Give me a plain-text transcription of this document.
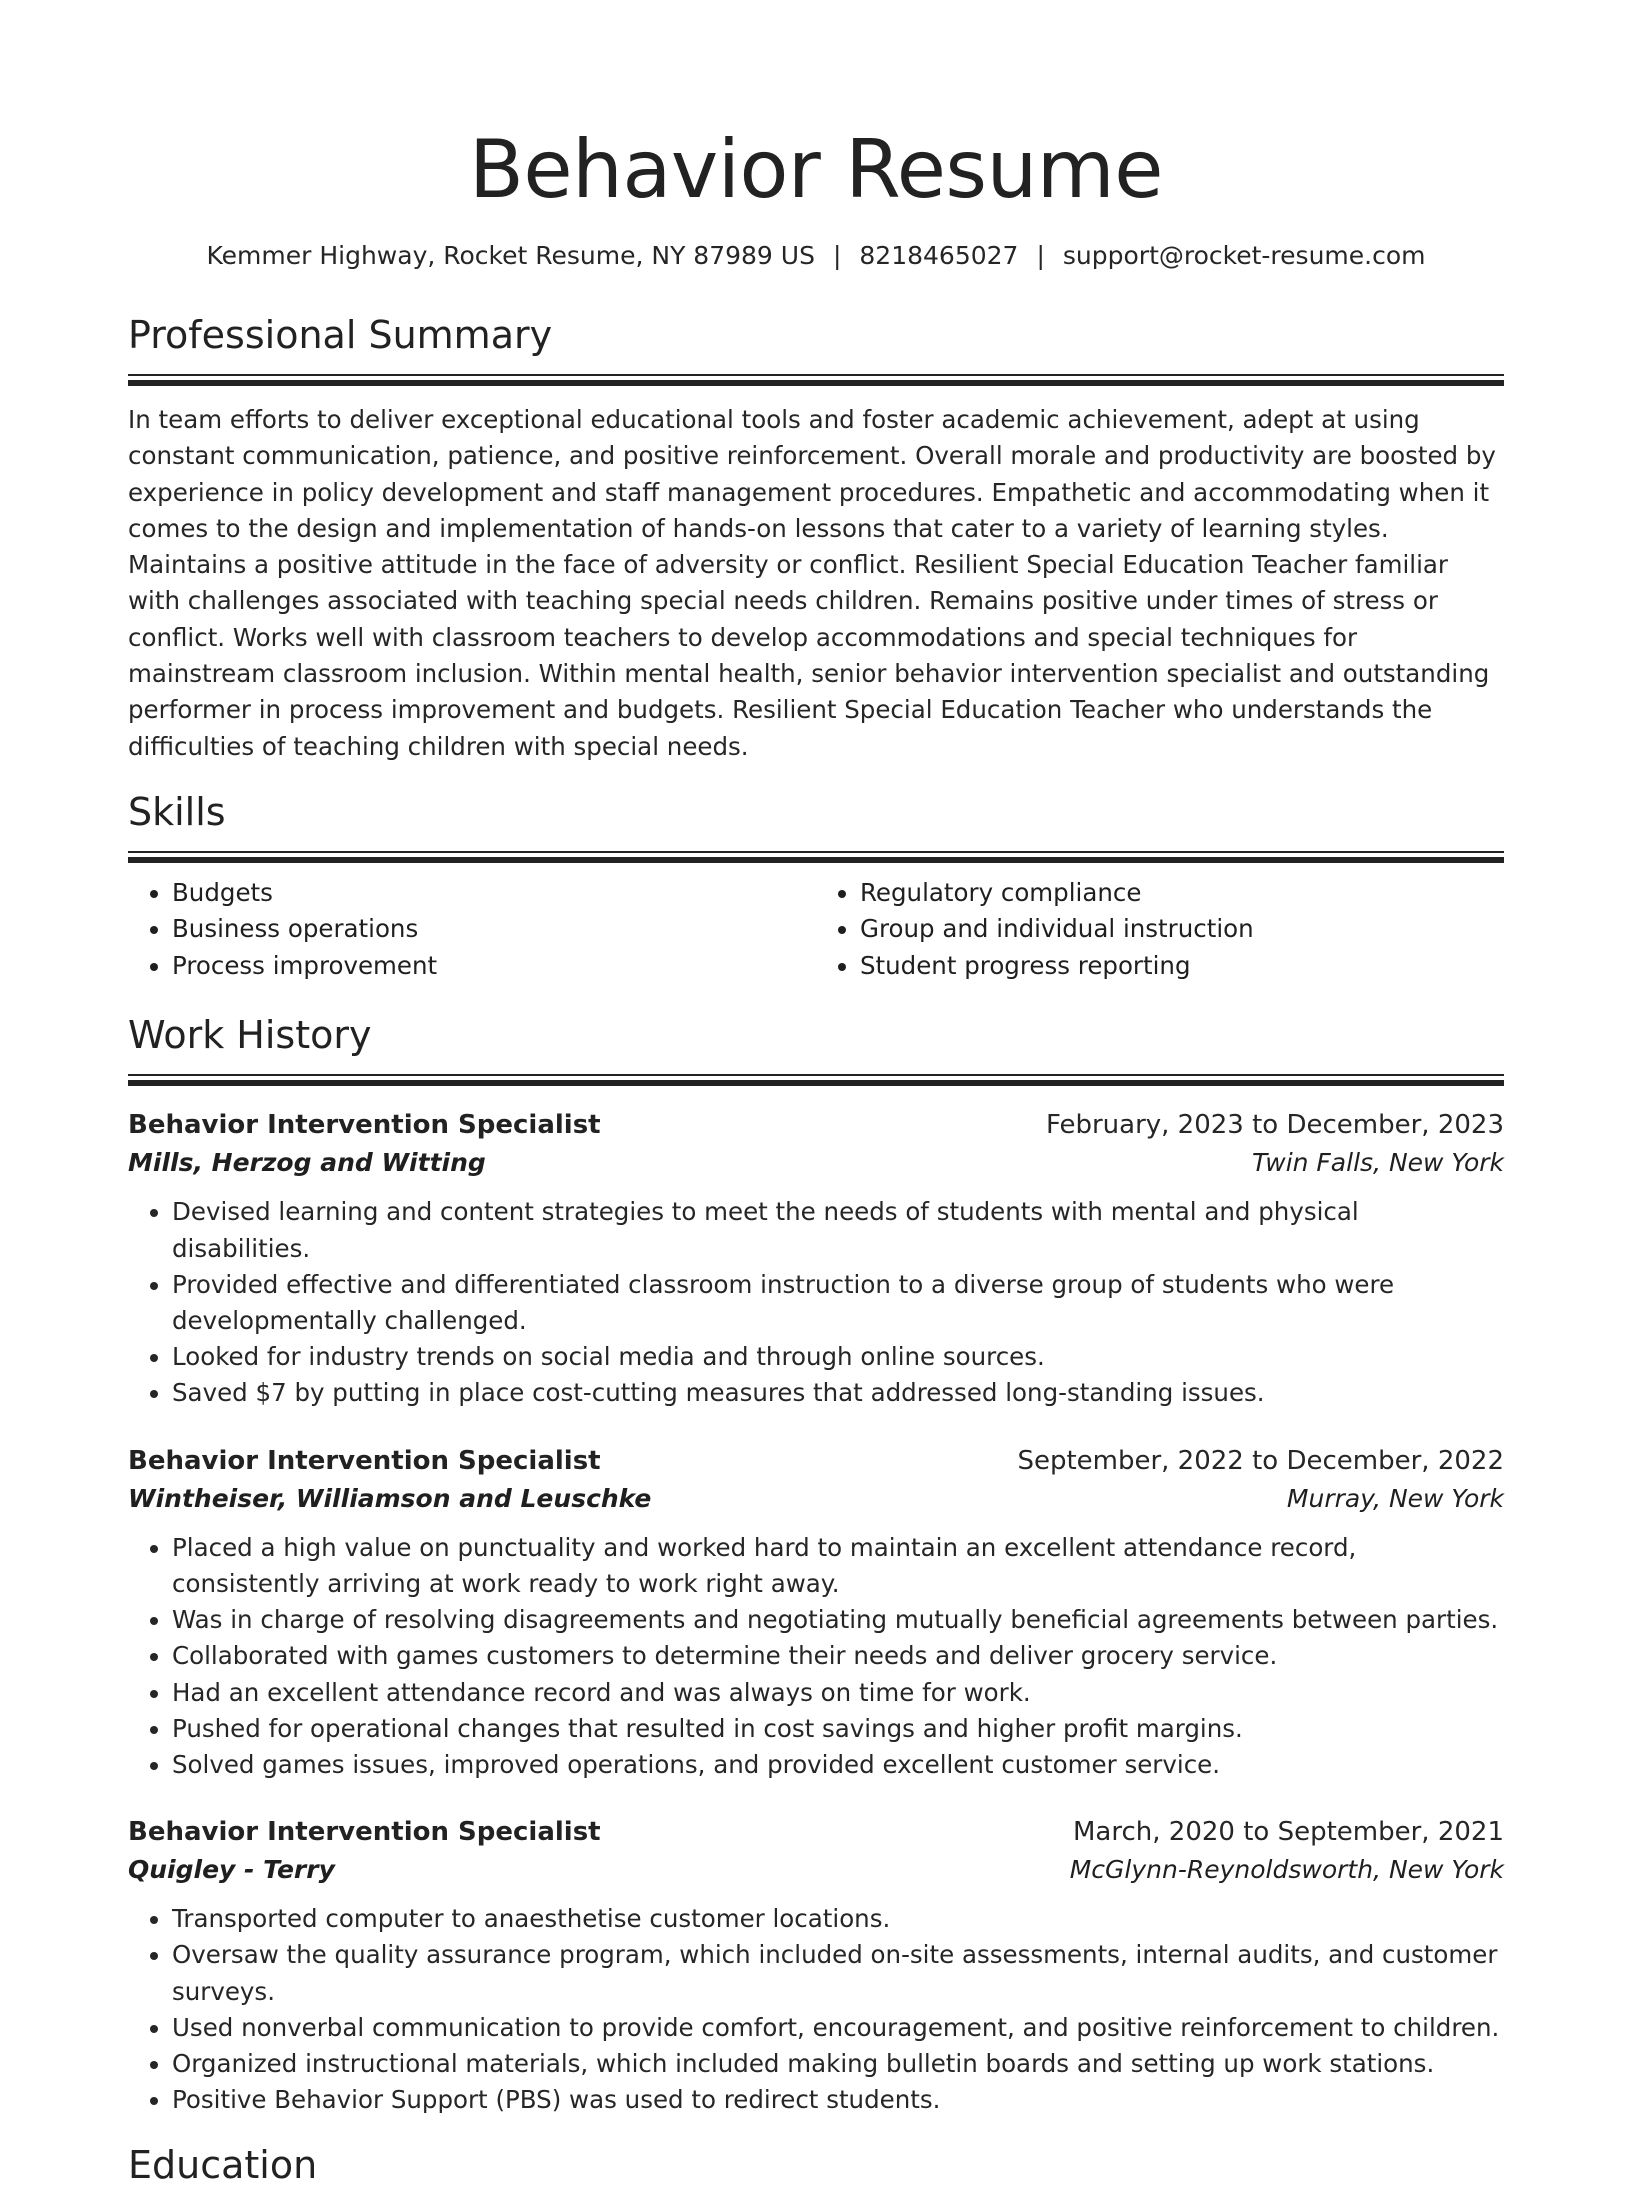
Behavior Resume
Kemmer Highway, Rocket Resume, NY 87989 US | 8218465027 | support@rocket-resume.com
Professional Summary

In team efforts to deliver exceptional educational tools and foster academic achievement, adept at using constant communication, patience, and positive reinforcement. Overall morale and productivity are boosted by experience in policy development and staff management procedures. Empathetic and accommodating when it comes to the design and implementation of hands-on lessons that cater to a variety of learning styles. Maintains a positive attitude in the face of adversity or conflict. Resilient Special Education Teacher familiar with challenges associated with teaching special needs children. Remains positive under times of stress or conflict. Works well with classroom teachers to develop accommodations and special techniques for mainstream classroom inclusion. Within mental health, senior behavior intervention specialist and outstanding performer in process improvement and budgets. Resilient Special Education Teacher who understands the difficulties of teaching children with special needs.

Skills
• Budgets
• Business operations
• Process improvement
• Regulatory compliance
• Group and individual instruction
• Student progress reporting
Work History
Behavior Intervention Specialist	February, 2023 to December, 2023
Mills, Herzog and Witting	Twin Falls, New York
• Devised learning and content strategies to meet the needs of students with mental and physical disabilities.
• Provided effective and differentiated classroom instruction to a diverse group of students who were developmentally challenged.
• Looked for industry trends on social media and through online sources.
• Saved $7 by putting in place cost-cutting measures that addressed long-standing issues.
Behavior Intervention Specialist	September, 2022 to December, 2022
Wintheiser, Williamson and Leuschke	Murray, New York
• Placed a high value on punctuality and worked hard to maintain an excellent attendance record, consistently arriving at work ready to work right away.
• Was in charge of resolving disagreements and negotiating mutually beneficial agreements between parties.
• Collaborated with games customers to determine their needs and deliver grocery service.
• Had an excellent attendance record and was always on time for work.
• Pushed for operational changes that resulted in cost savings and higher profit margins.
• Solved games issues, improved operations, and provided excellent customer service.
Behavior Intervention Specialist	March, 2020 to September, 2021
Quigley - Terry	McGlynn-Reynoldsworth, New York
• Transported computer to anaesthetise customer locations.
• Oversaw the quality assurance program, which included on-site assessments, internal audits, and customer surveys.
• Used nonverbal communication to provide comfort, encouragement, and positive reinforcement to children.
• Organized instructional materials, which included making bulletin boards and setting up work stations.
• Positive Behavior Support (PBS) was used to redirect students.
Education
